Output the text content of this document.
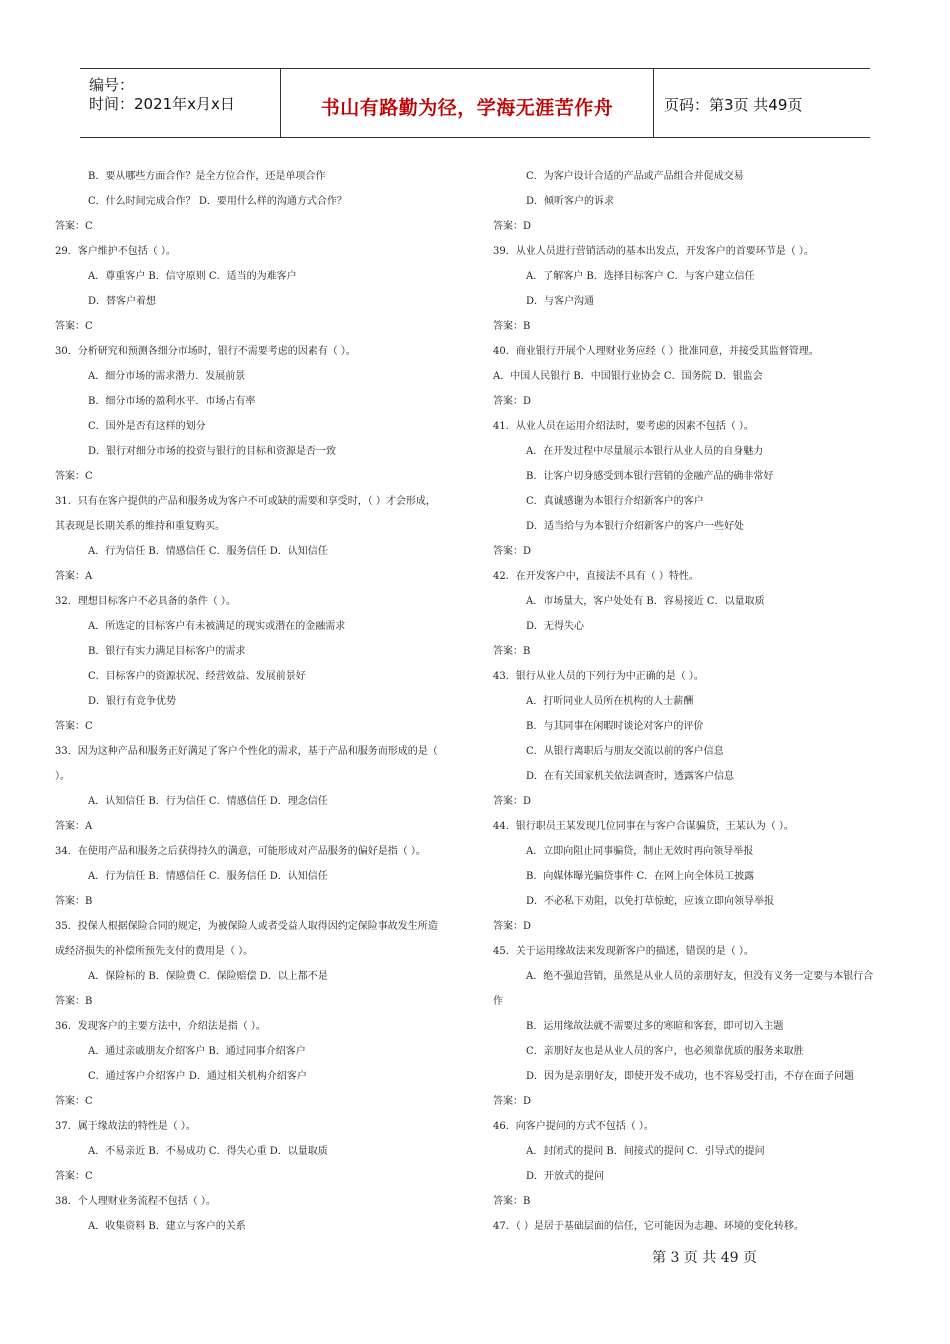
编号：
时间：2021年x月x日	书山有路勤为径，学海无涯苦作舟	页码：第3页 共49页
B．要从哪些方面合作？是全方位合作，还是单项合作
C．什么时间完成合作？ D．要用什么样的沟通方式合作？
答案：C
29．客户维护不包括（ ）。
A．尊重客户 B．信守原则 C．适当的为难客户
D．替客户着想
答案：C
30．分析研究和预测各细分市场时，银行不需要考虑的因素有（ ）。
A．细分市场的需求潜力．发展前景
B．细分市场的盈利水平．市场占有率
C．国外是否有这样的划分
D．银行对细分市场的投资与银行的目标和资源是否一致
答案：C
31．只有在客户提供的产品和服务成为客户不可或缺的需要和享受时，（ ）才会形成，
其表现是长期关系的维持和重复购买。
A．行为信任 B．情感信任 C．服务信任 D．认知信任
答案：A
32．理想目标客户不必具备的条件（ ）。
A．所选定的目标客户有未被满足的现实或潜在的金融需求
B．银行有实力满足目标客户的需求
C．目标客户的资源状况、经营效益、发展前景好
D．银行有竞争优势
答案：C
33．因为这种产品和服务正好满足了客户个性化的需求，基于产品和服务而形成的是（
）。
A．认知信任 B．行为信任 C．情感信任 D．理念信任
答案：A
34．在使用产品和服务之后获得持久的满意，可能形成对产品服务的偏好是指（ ）。
A．行为信任 B．情感信任 C．服务信任 D．认知信任
答案：B
35．投保人根据保险合同的规定，为被保险人或者受益人取得因约定保险事故发生所造
成经济损失的补偿所预先支付的费用是（ ）。
A．保险标的 B．保险费 C．保险赔偿 D．以上都不是
答案：B
36．发现客户的主要方法中，介绍法是指（ ）。
A．通过亲戚朋友介绍客户 B．通过同事介绍客户
C．通过客户介绍客户 D．通过相关机构介绍客户
答案：C
37．属于缘故法的特性是（ ）。
A．不易亲近 B．不易成功 C．得失心重 D．以量取质
答案：C
38．个人理财业务流程不包括（ ）。
A．收集资料 B．建立与客户的关系
C．为客户设计合适的产品或产品组合并促成交易
D．倾听客户的诉求
答案：D
39．从业人员进行营销活动的基本出发点，开发客户的首要环节是（ ）。
A．了解客户 B．选择目标客户 C．与客户建立信任
D．与客户沟通
答案：B
40．商业银行开展个人理财业务应经（ ）批准同意，并接受其监督管理。
A．中国人民银行 B．中国银行业协会 C．国务院 D．银监会
答案：D
41．从业人员在运用介绍法时，要考虑的因素不包括（ ）。
A．在开发过程中尽量展示本银行从业人员的自身魅力
B．让客户切身感受到本银行营销的金融产品的确非常好
C．真诚感谢为本银行介绍新客户的客户
D．适当给与为本银行介绍新客户的客户一些好处
答案：D
42．在开发客户中，直接法不具有（ ）特性。
A．市场量大，客户处处有 B．容易接近 C．以量取质
D．无得失心
答案：B
43．银行从业人员的下列行为中正确的是（ ）。
A．打听同业人员所在机构的人士薪酬
B．与其同事在闲暇时谈论对客户的评价
C．从银行离职后与朋友交流以前的客户信息
D．在有关国家机关依法调查时，透露客户信息
答案：D
44．银行职员王某发现几位同事在与客户合谋骗贷，王某认为（ ）。
A．立即向阻止同事骗贷，制止无效时再向领导举报
B．向媒体曝光骗贷事件 C．在网上向全体员工披露
D．不必私下劝阻，以免打草惊蛇，应该立即向领导举报
答案：D
45．关于运用缘故法来发现新客户的描述，错误的是（ ）。
A．绝不强迫营销，虽然是从业人员的亲朋好友，但没有义务一定要与本银行合
作
B．运用缘故法就不需要过多的寒暄和客套，即可切入主题
C．亲朋好友也是从业人员的客户，也必须靠优质的服务来取胜
D．因为是亲朋好友，即使开发不成功，也不容易受打击，不存在面子问题
答案：D
46．向客户提问的方式不包括（ ）。
A．封闭式的提问 B．间接式的提问 C．引导式的提问
D．开放式的提问
答案：B
47．（ ）是居于基础层面的信任，它可能因为志趣、环境的变化转移。
第 3 页 共 49 页
